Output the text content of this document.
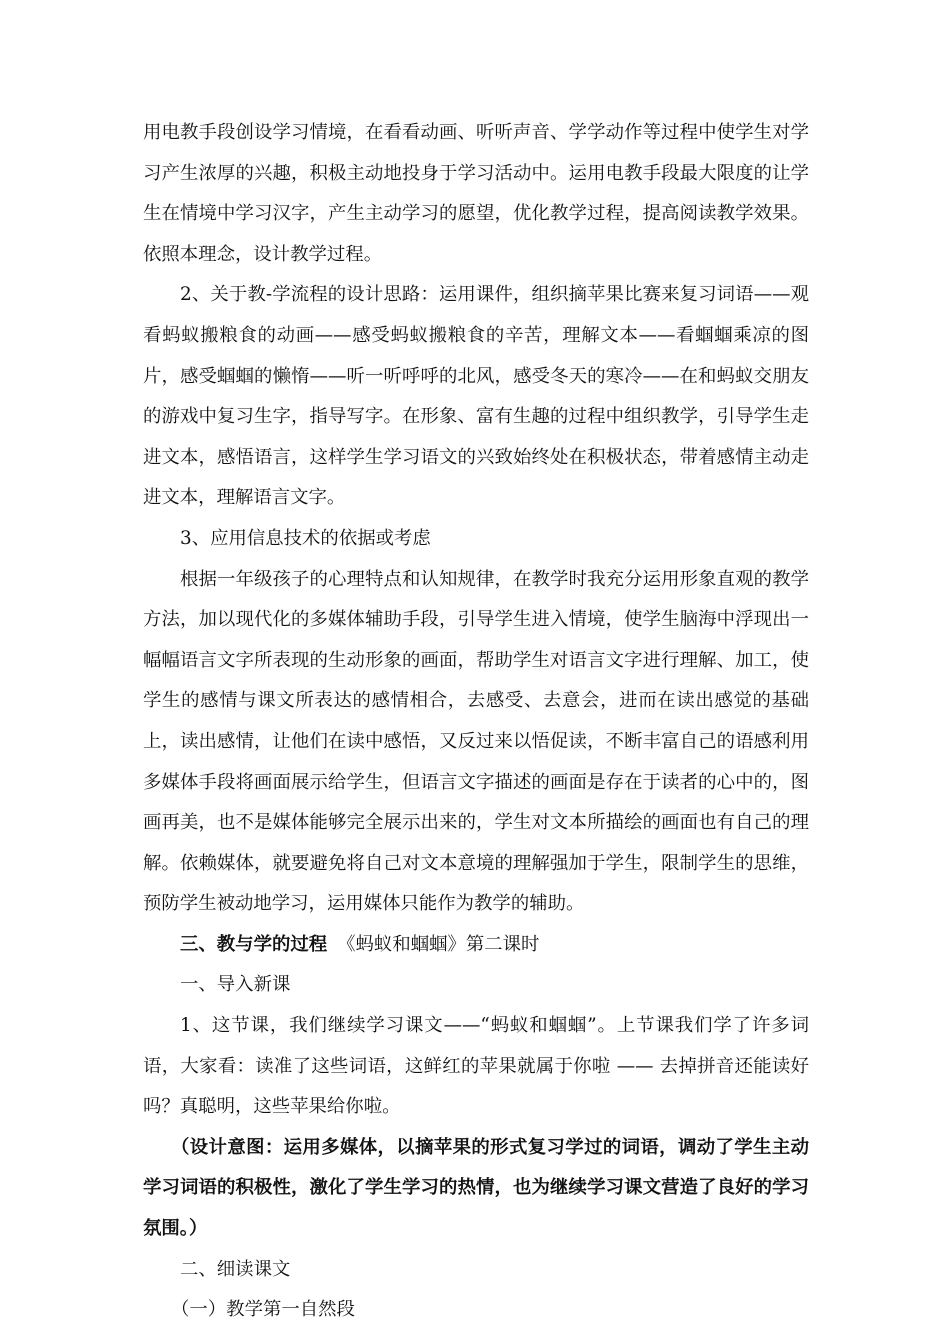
用电教手段创设学习情境，在看看动画、听听声音、学学动作等过程中使学生对学习产生浓厚的兴趣，积极主动地投身于学习活动中。运用电教手段最大限度的让学生在情境中学习汉字，产生主动学习的愿望，优化教学过程，提高阅读教学效果。依照本理念，设计教学过程。

2、关于教-学流程的设计思路：运用课件，组织摘苹果比赛来复习词语——观看蚂蚁搬粮食的动画——感受蚂蚁搬粮食的辛苦，理解文本——看蝈蝈乘凉的图片，感受蝈蝈的懒惰——听一听呼呼的北风，感受冬天的寒冷——在和蚂蚁交朋友的游戏中复习生字，指导写字。在形象、富有生趣的过程中组织教学，引导学生走进文本，感悟语言，这样学生学习语文的兴致始终处在积极状态，带着感情主动走进文本，理解语言文字。

3、应用信息技术的依据或考虑

根据一年级孩子的心理特点和认知规律，在教学时我充分运用形象直观的教学方法，加以现代化的多媒体辅助手段，引导学生进入情境，使学生脑海中浮现出一幅幅语言文字所表现的生动形象的画面，帮助学生对语言文字进行理解、加工，使学生的感情与课文所表达的感情相合，去感受、去意会，进而在读出感觉的基础上，读出感情，让他们在读中感悟，又反过来以悟促读，不断丰富自己的语感利用多媒体手段将画面展示给学生，但语言文字描述的画面是存在于读者的心中的，图画再美，也不是媒体能够完全展示出来的，学生对文本所描绘的画面也有自己的理解。依赖媒体，就要避免将自己对文本意境的理解强加于学生，限制学生的思维，预防学生被动地学习，运用媒体只能作为教学的辅助。

三、教与学的过程 《蚂蚁和蝈蝈》第二课时

一、导入新课

1、这节课，我们继续学习课文——“蚂蚁和蝈蝈”。上节课我们学了许多词语，大家看：读准了这些词语，这鲜红的苹果就属于你啦 —— 去掉拼音还能读好吗？真聪明，这些苹果给你啦。

（设计意图：运用多媒体，以摘苹果的形式复习学过的词语，调动了学生主动学习词语的积极性，激化了学生学习的热情，也为继续学习课文营造了良好的学习氛围。）

二、细读课文

（一）教学第一自然段
